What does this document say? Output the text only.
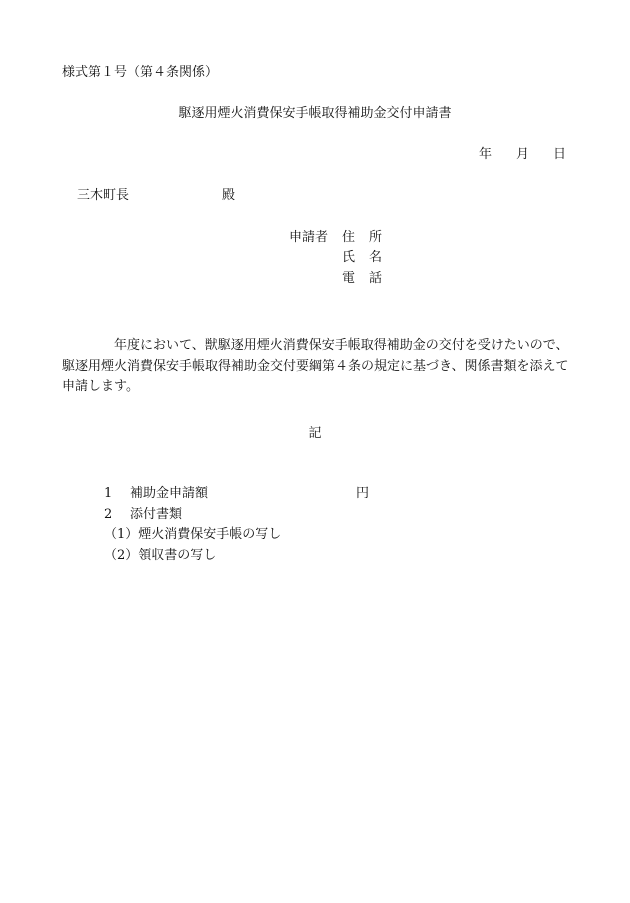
様式第１号（第４条関係）
駆逐用煙火消費保安手帳取得補助金交付申請書
年 月 日
三木町長	殿
申請者 住所
氏名
電話
年度において、獣駆逐用煙火消費保安手帳取得補助金の交付を受けたいので、駆逐用煙火消費保安手帳取得補助金交付要綱第４条の規定に基づき、関係書類を添えて申請します。
記
1 補助金申請額	円
2 添付書類
（1）煙火消費保安手帳の写し
（2）領収書の写し
